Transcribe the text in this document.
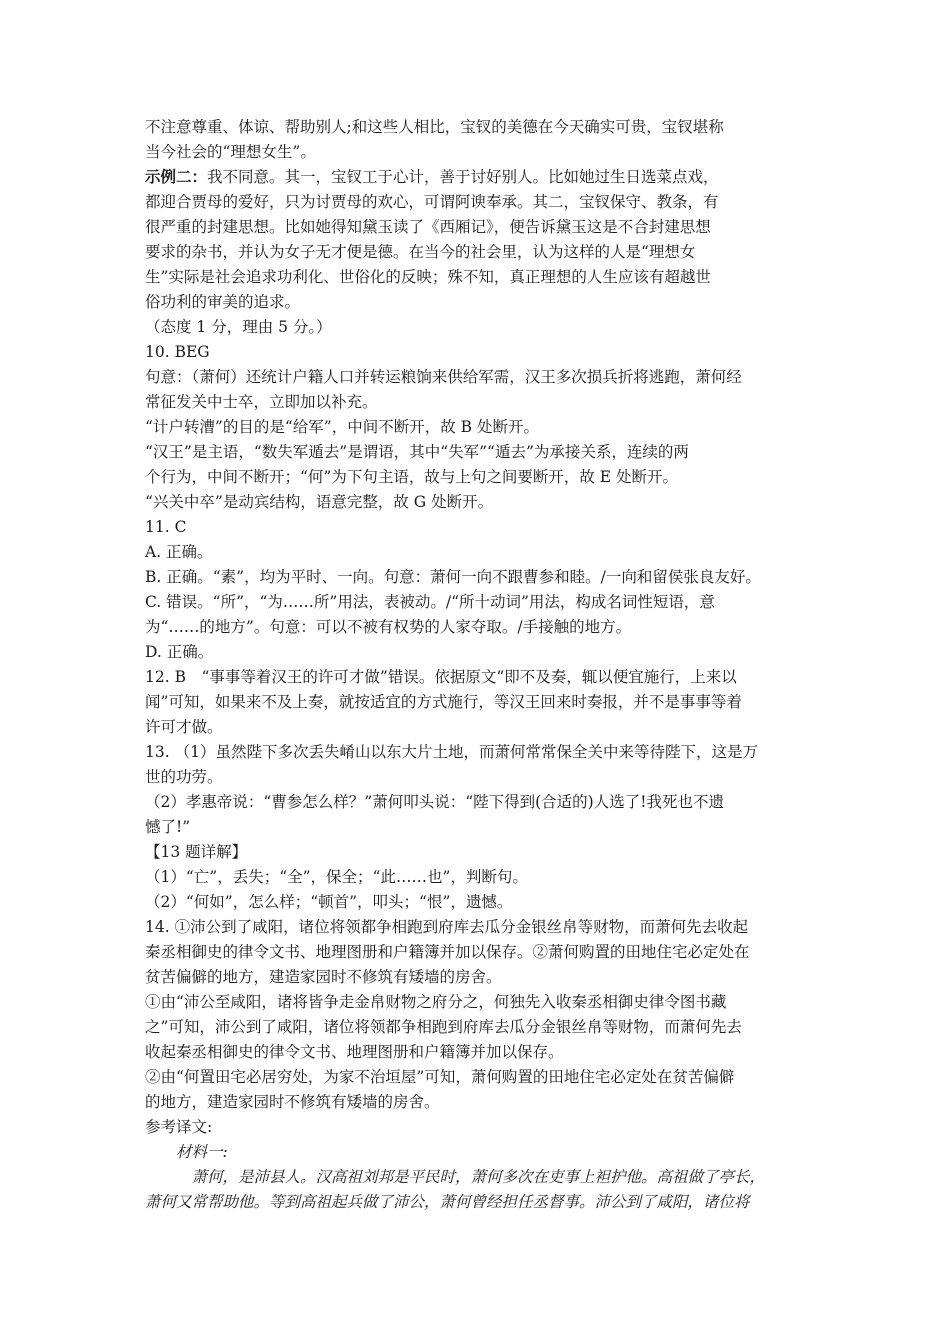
不注意尊重、体谅、帮助别人;和这些人相比，宝钗的美德在今天确实可贵，宝钗堪称
当今社会的“理想女生”。
示例二：我不同意。其一，宝钗工于心计，善于讨好别人。比如她过生日选菜点戏，
都迎合贾母的爱好，只为讨贾母的欢心，可谓阿谀奉承。其二，宝钗保守、教条，有
很严重的封建思想。比如她得知黛玉读了《西厢记》，便告诉黛玉这是不合封建思想
要求的杂书，并认为女子无才便是德。在当今的社会里，认为这样的人是“理想女
生”实际是社会追求功利化、世俗化的反映；殊不知，真正理想的人生应该有超越世
俗功利的审美的追求。
（态度 1 分，理由 5 分。）
10. BEG
句意：（萧何）还统计户籍人口并转运粮饷来供给军需，汉王多次损兵折将逃跑，萧何经
常征发关中士卒，立即加以补充。
“计户转漕”的目的是“给军”，中间不断开，故 B 处断开。
“汉王”是主语，“数失军遁去”是谓语，其中“失军”“遁去”为承接关系，连续的两
个行为，中间不断开；“何”为下句主语，故与上句之间要断开，故 E 处断开。
“兴关中卒”是动宾结构，语意完整，故 G 处断开。
11. C
A. 正确。
B. 正确。“素”，均为平时、一向。句意：萧何一向不跟曹参和睦。/一向和留侯张良友好。
C. 错误。“所”，“为……所”用法，表被动。/“所十动词”用法，构成名词性短语，意
为“……的地方”。句意：可以不被有权势的人家夺取。/手接触的地方。
D. 正确。
12. B　“事事等着汉王的许可才做”错误。依据原文“即不及奏，辄以便宜施行，上来以
闻”可知，如果来不及上奏，就按适宜的方式施行，等汉王回来时奏报，并不是事事等着
许可才做。
13. （1）虽然陛下多次丢失崤山以东大片土地，而萧何常常保全关中来等待陛下，这是万
世的功劳。
（2）孝惠帝说：“曹参怎么样？”萧何叩头说：“陛下得到(合适的)人选了!我死也不遗
憾了!”
【13 题详解】
（1）“亡”，丢失；“全”，保全；“此……也”，判断句。
（2）“何如”，怎么样；“顿首”，叩头；“恨”，遗憾。
14. ①沛公到了咸阳，诸位将领都争相跑到府库去瓜分金银丝帛等财物，而萧何先去收起
秦丞相御史的律令文书、地理图册和户籍簿并加以保存。②萧何购置的田地住宅必定处在
贫苦偏僻的地方，建造家园时不修筑有矮墙的房舍。
①由“沛公至咸阳，诸将皆争走金帛财物之府分之，何独先入收秦丞相御史律令图书藏
之”可知，沛公到了咸阳，诸位将领都争相跑到府库去瓜分金银丝帛等财物，而萧何先去
收起秦丞相御史的律令文书、地理图册和户籍簿并加以保存。
②由“何置田宅必居穷处，为家不治垣屋”可知，萧何购置的田地住宅必定处在贫苦偏僻
的地方，建造家园时不修筑有矮墙的房舍。
参考译文:
　　材料一:
　　　萧何，是沛县人。汉高祖刘邦是平民时，萧何多次在吏事上袒护他。高祖做了亭长，
萧何又常帮助他。等到高祖起兵做了沛公，萧何曾经担任丞督事。沛公到了咸阳，诸位将
